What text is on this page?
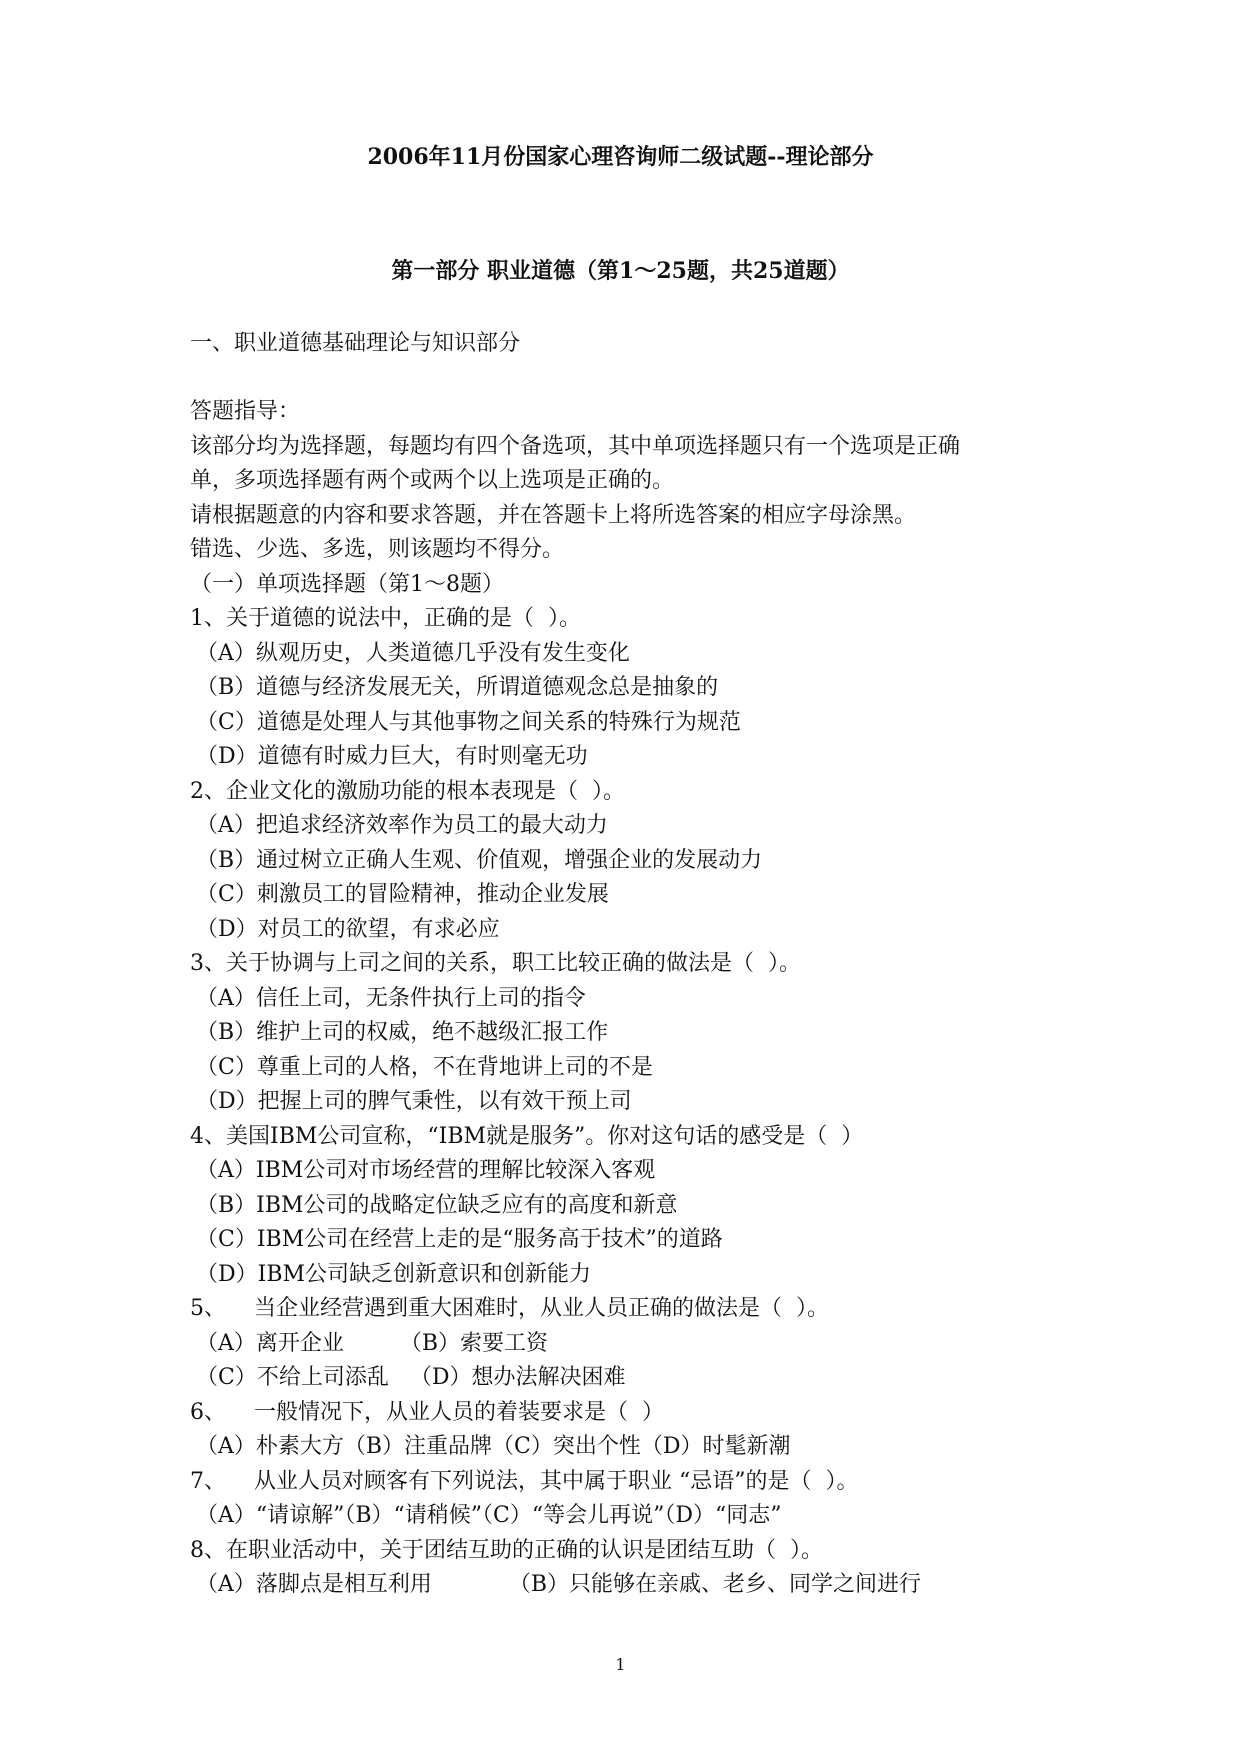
2006年11月份国家心理咨询师二级试题--理论部分
第一部分 职业道德（第1～25题，共25道题）
一、职业道德基础理论与知识部分
答题指导：
该部分均为选择题，每题均有四个备选项，其中单项选择题只有一个选项是正确
单，多项选择题有两个或两个以上选项是正确的。
请根据题意的内容和要求答题，并在答题卡上将所选答案的相应字母涂黑。
错选、少选、多选，则该题均不得分。
（一）单项选择题（第1～8题）
1、关于道德的说法中，正确的是（  ）。
（A）纵观历史，人类道德几乎没有发生变化
（B）道德与经济发展无关，所谓道德观念总是抽象的
（C）道德是处理人与其他事物之间关系的特殊行为规范
（D）道德有时威力巨大，有时则毫无功
2、企业文化的激励功能的根本表现是（  ）。
（A）把追求经济效率作为员工的最大动力
（B）通过树立正确人生观、价值观，增强企业的发展动力
（C）刺激员工的冒险精神，推动企业发展
（D）对员工的欲望，有求必应
3、关于协调与上司之间的关系，职工比较正确的做法是（  ）。
（A）信任上司，无条件执行上司的指令
（B）维护上司的权威，绝不越级汇报工作
（C）尊重上司的人格，不在背地讲上司的不是
（D）把握上司的脾气秉性，以有效干预上司
4、美国IBM公司宣称，“IBM就是服务”。你对这句话的感受是（  ）
（A）IBM公司对市场经营的理解比较深入客观
（B）IBM公司的战略定位缺乏应有的高度和新意
（C）IBM公司在经营上走的是“服务高于技术”的道路
（D）IBM公司缺乏创新意识和创新能力
5、    当企业经营遇到重大困难时，从业人员正确的做法是（  ）。
（A）离开企业        （B）索要工资
（C）不给上司添乱   （D）想办法解决困难
6、    一般情况下，从业人员的着装要求是（  ）
（A）朴素大方（B）注重品牌（C）突出个性（D）时髦新潮
7、    从业人员对顾客有下列说法，其中属于职业 “忌语”的是（  ）。
（A）“请谅解”（B）“请稍候”（C）“等会儿再说”（D）“同志”
8、在职业活动中，关于团结互助的正确的认识是团结互助（  ）。
（A）落脚点是相互利用           （B）只能够在亲戚、老乡、同学之间进行
1
